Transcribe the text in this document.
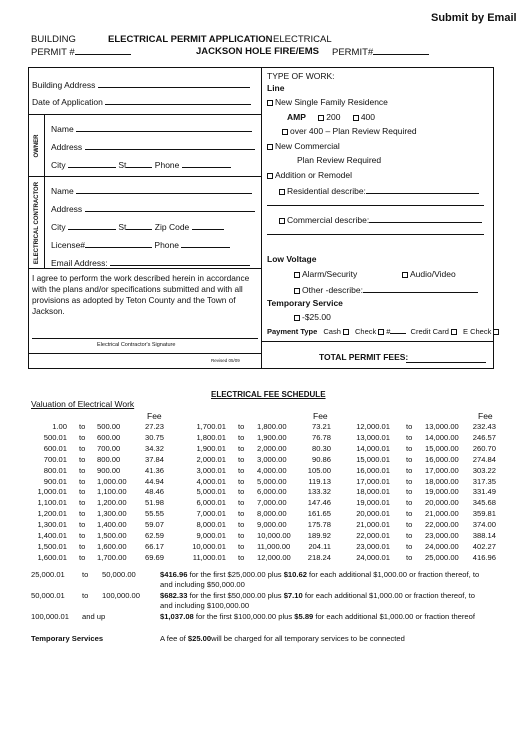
Submit by Email
BUILDING
PERMIT #
ELECTRICAL PERMIT APPLICATION
JACKSON HOLE FIRE/EMS
ELECTRICAL
PERMIT#
Building Address
Date of Application
OWNER
Name
Address
City	St	Phone
ELECTRICAL CONTRACTOR Name
Address
City	St	Zip Code
License#	Phone
Email Address:
I agree to perform the work described herein in accordance with the plans and/or specifications submitted and with all provisions as adopted by Teton County and the Town of Jackson.
Electrical Contractor's Signature
Revised 05/09
TYPE OF WORK:
Line
New Single Family Residence
AMP 200 400
over 400 – Plan Review Required
New Commercial
Plan Review Required
Addition or Remodel
Residential describe:
Commercial describe:
Low Voltage
Alarm/Security	Audio/Video
Other -describe:
Temporary Service
-$25.00
Payment Type Cash Check #	Credit Card E Check
TOTAL PERMIT FEES:
ELECTRICAL FEE SCHEDULE
Valuation of Electrical Work
Fee	Fee	Fee
1.00 to 500.00	27.23
500.01 to 600.00	30.75
600.01 to 700.00	34.32
700.01 to 800.00	37.84
800.01 to 900.00	41.36
900.01 to 1,000.00 44.94
1,000.01 to 1,100.00 48.46
1,100.01 to 1,200.00 51.98
1,200.01 to 1,300.00 55.55
1,300.01 to 1,400.00 59.07
1,400.01 to 1,500.00 62.59
1,500.01 to 1,600.00 66.17
1,600.01 to 1,700.00 69.69
1,700.01 to 1,800.00	73.21
1,800.01 to 1,900.00	76.78
1,900.01 to 2,000.00	80.30
2,000.01 to 3,000.00	90.86
3,000.01 to 4,000.00	105.00
4,000.01 to 5,000.00	119.13
5,000.01 to 6,000.00	133.32
6,000.01 to 7,000.00	147.46
7,000.01 to 8,000.00	161.65
8,000.01 to 9,000.00	175.78
9,000.01 to 10,000.00 189.92
10,000.01 to 11,000.00 204.11
11,000.01 to 12,000.00 218.24
12,000.01 to 13,000.00 232.43
13,000.01 to 14,000.00 246.57
14,000.01 to 15,000.00 260.70
15,000.01 to 16,000.00 274.84
16,000.01 to 17,000.00 303.22
17,000.01 to 18,000.00 317.35
18,000.01 to 19,000.00 331.49
19,000.01 to 20,000.00 345.68
20,000.01 to 21,000.00 359.81
21,000.01 to 22,000.00 374.00
22,000.01 to 23,000.00 388.14
23,000.01 to 24,000.00 402.27
24,000.01 to 25,000.00 416.96
25,000.01 to 50,000.00	$416.96 for the first $25,000.00 plus $10.62 for each additional $1,000.00 or fraction thereof, to
and including $50,000.00
50,000.01 to 100,000.00	$682.33 for the first $50,000.00 plus $7.10 for each additional $1,000.00 or fraction thereof, to
and including $100,000.00
100,000.01 and up	$1,037.08 for the first $100,000.00 plus $5.89 for each additional $1,000.00 or fraction thereof
Temporary Services	A fee of $25.00will be charged for all temporary services to be connected
